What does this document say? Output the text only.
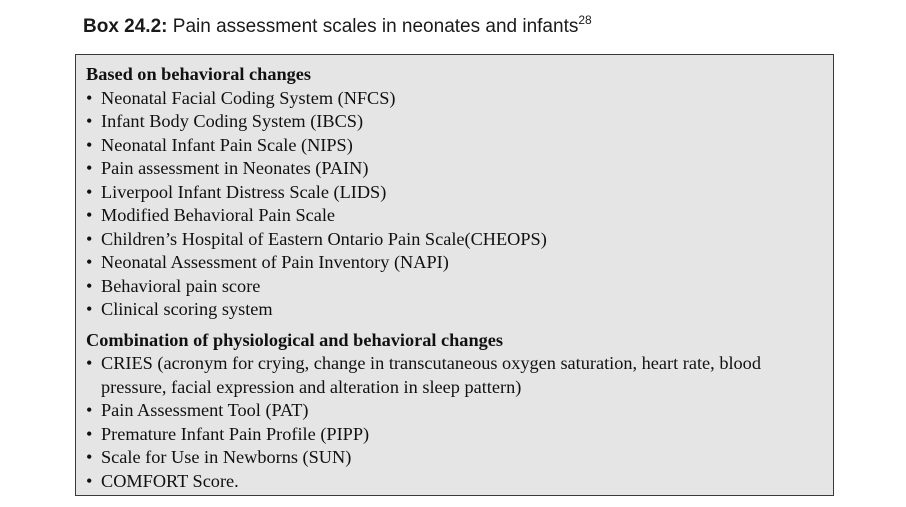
Box 24.2: Pain assessment scales in neonates and infants$^{28}$

Based on behavioral changes

• Neonatal Facial Coding System (NFCS)
• Infant Body Coding System (IBCS)
• Neonatal Infant Pain Scale (NIPS)
• Pain assessment in Neonates (PAIN)
• Liverpool Infant Distress Scale (LIDS)
• Modified Behavioral Pain Scale
• Children’s Hospital of Eastern Ontario Pain Scale(CHEOPS)
• Neonatal Assessment of Pain Inventory (NAPI)
• Behavioral pain score
• Clinical scoring system

Combination of physiological and behavioral changes

• CRIES (acronym for crying, change in transcutaneous oxygen saturation, heart rate, blood pressure, facial expression and alteration in sleep pattern)
• Pain Assessment Tool (PAT)
• Premature Infant Pain Profile (PIPP)
• Scale for Use in Newborns (SUN)
• COMFORT Score.
